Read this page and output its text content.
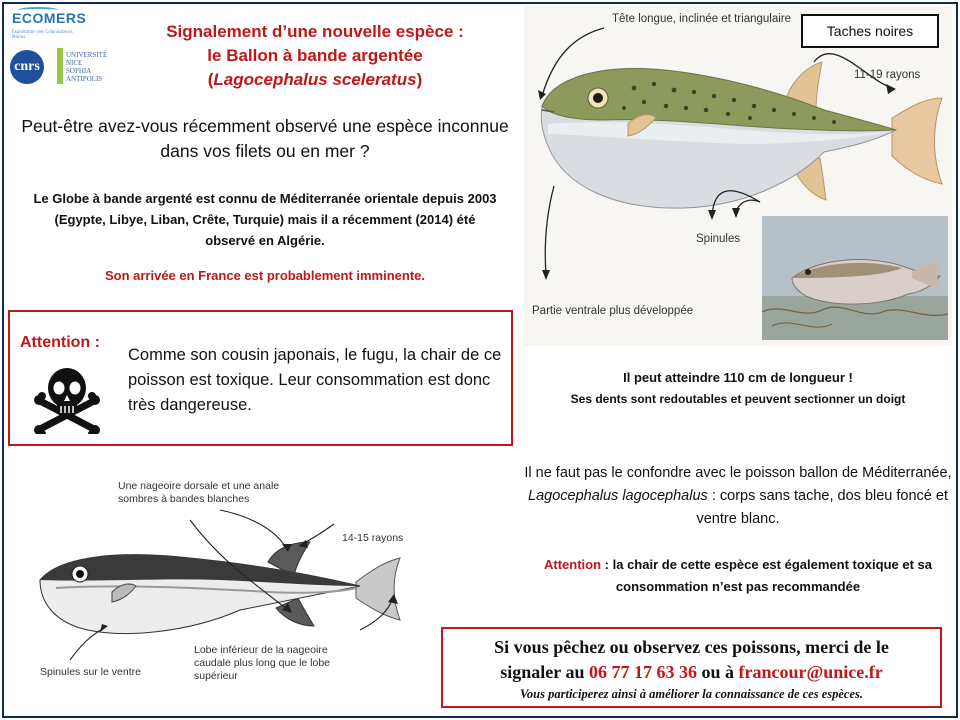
ECOMERS
Exploitation des Colonisateurs Marins
cnrs
UNIVERSITÉ
NICE
SOPHIA ANTIPOLIS
Signalement d’une nouvelle espèce :
le Ballon à bande argentée
(Lagocephalus sceleratus)
Peut-être avez-vous récemment observé une espèce inconnue dans vos filets ou en mer ?
Le Globe à bande argenté est connu de Méditerranée orientale depuis 2003 (Egypte, Libye, Liban, Crête, Turquie) mais il a récemment (2014) été observé en Algérie.
Son arrivée en France est probablement imminente.
Attention :
Comme son cousin japonais, le fugu, la chair de ce poisson est toxique. Leur consommation est donc très dangereuse.
Tête longue, inclinée et triangulaire
11-19 rayons
Spinules
Partie ventrale plus développée
Taches noires
Il peut atteindre 110 cm de longueur !
Ses dents sont redoutables et peuvent sectionner un doigt
Il ne faut pas le confondre avec le poisson ballon de Méditerranée, Lagocephalus lagocephalus : corps sans tache, dos bleu foncé et ventre blanc.
Attention : la chair de cette espèce est également toxique et sa consommation n’est pas recommandée
Une nageoire dorsale et une anale sombres à bandes blanches
14-15 rayons
Lobe inférieur de la nageoire caudale plus long que le lobe supérieur
Spinules sur le ventre
Si vous pêchez ou observez ces poissons, merci de le
signaler au 06 77 17 63 36 ou à francour@unice.fr
Vous participerez ainsi à améliorer la connaissance de ces espèces.
